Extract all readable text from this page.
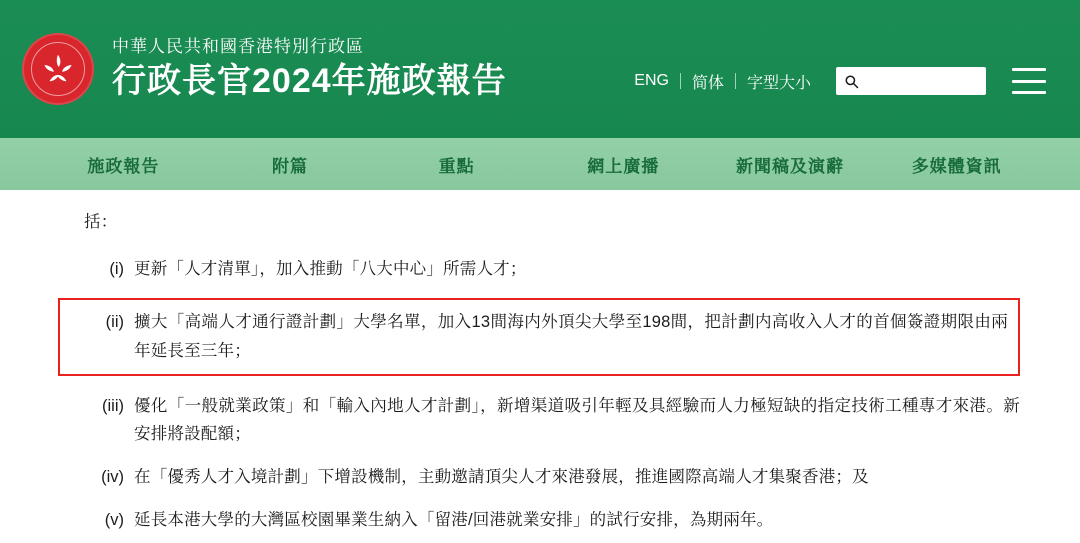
中華人民共和國香港特別行政區
行政長官2024年施政報告	ENG	简体	字型大小
施政報告	附篇	重點	網上廣播	新聞稿及演辭	多媒體資訊

括：

(i) 更新「人才清單」，加入推動「八大中心」所需人才；
(ii) 擴大「高端人才通行證計劃」大學名單，加入13間海内外頂尖大學至198間，把計劃内高收入人才的首個簽證期限由兩年延長至三年；
(iii) 優化「一般就業政策」和「輸入內地人才計劃」，新增渠道吸引年輕及具經驗而人力極短缺的指定技術工種專才來港。新安排將設配額；
(iv) 在「優秀人才入境計劃」下增設機制，主動邀請頂尖人才來港發展，推進國際高端人才集聚香港；及
(v) 延長本港大學的大灣區校園畢業生納入「留港/回港就業安排」的試行安排，為期兩年。
